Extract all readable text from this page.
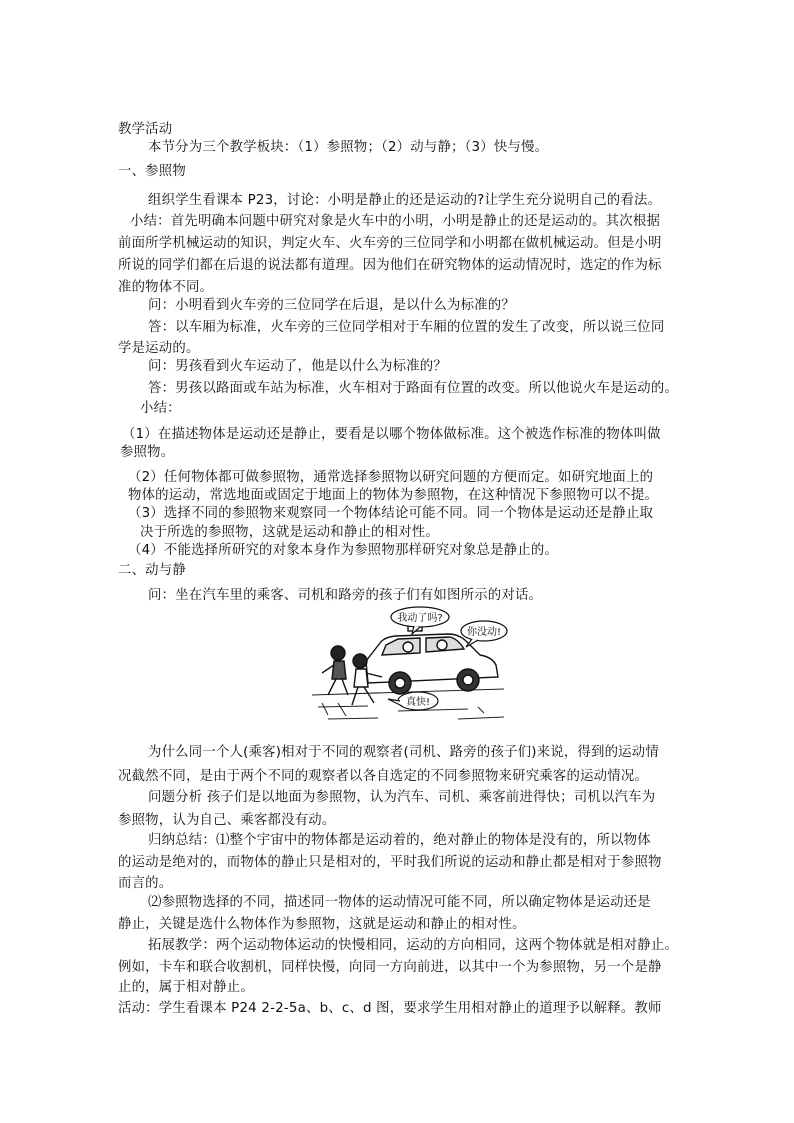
教学活动
本节分为三个教学板块：（1）参照物；（2）动与静；（3）快与慢。
一、参照物
组织学生看课本 P23，讨论：小明是静止的还是运动的?让学生充分说明自己的看法。
小结：首先明确本问题中研究对象是火车中的小明，小明是静止的还是运动的。其次根据
前面所学机械运动的知识，判定火车、火车旁的三位同学和小明都在做机械运动。但是小明
所说的同学们都在后退的说法都有道理。因为他们在研究物体的运动情况时，选定的作为标
准的物体不同。
问：小明看到火车旁的三位同学在后退，是以什么为标准的？
答：以车厢为标准，火车旁的三位同学相对于车厢的位置的发生了改变，所以说三位同
学是运动的。
问：男孩看到火车运动了，他是以什么为标准的？
答：男孩以路面或车站为标准，火车相对于路面有位置的改变。所以他说火车是运动的。
小结：
（1）在描述物体是运动还是静止，要看是以哪个物体做标准。这个被选作标准的物体叫做
参照物。
（2）任何物体都可做参照物，通常选择参照物以研究问题的方便而定。如研究地面上的
物体的运动，常选地面或固定于地面上的物体为参照物，在这种情况下参照物可以不提。
（3）选择不同的参照物来观察同一个物体结论可能不同。同一个物体是运动还是静止取
决于所选的参照物，这就是运动和静止的相对性。
（4）不能选择所研究的对象本身作为参照物那样研究对象总是静止的。
二、动与静
问：坐在汽车里的乘客、司机和路旁的孩子们有如图所示的对话。
我动了吗?
你没动!
真快!
为什么同一个人(乘客)相对于不同的观察者(司机、路旁的孩子们)来说，得到的运动情
况截然不同，是由于两个不同的观察者以各自选定的不同参照物来研究乘客的运动情况。
问题分析 孩子们是以地面为参照物，认为汽车、司机、乘客前进得快；司机以汽车为
参照物，认为自己、乘客都没有动。
归纳总结：⑴整个宇宙中的物体都是运动着的，绝对静止的物体是没有的，所以物体
的运动是绝对的，而物体的静止只是相对的，平时我们所说的运动和静止都是相对于参照物
而言的。
⑵参照物选择的不同，描述同一物体的运动情况可能不同，所以确定物体是运动还是
静止，关键是选什么物体作为参照物，这就是运动和静止的相对性。
拓展教学：两个运动物体运动的快慢相同，运动的方向相同，这两个物体就是相对静止。
例如，卡车和联合收割机，同样快慢，向同一方向前进，以其中一个为参照物，另一个是静
止的，属于相对静止。
活动：学生看课本 P24 2-2-5a、b、c、d 图，要求学生用相对静止的道理予以解释。教师
